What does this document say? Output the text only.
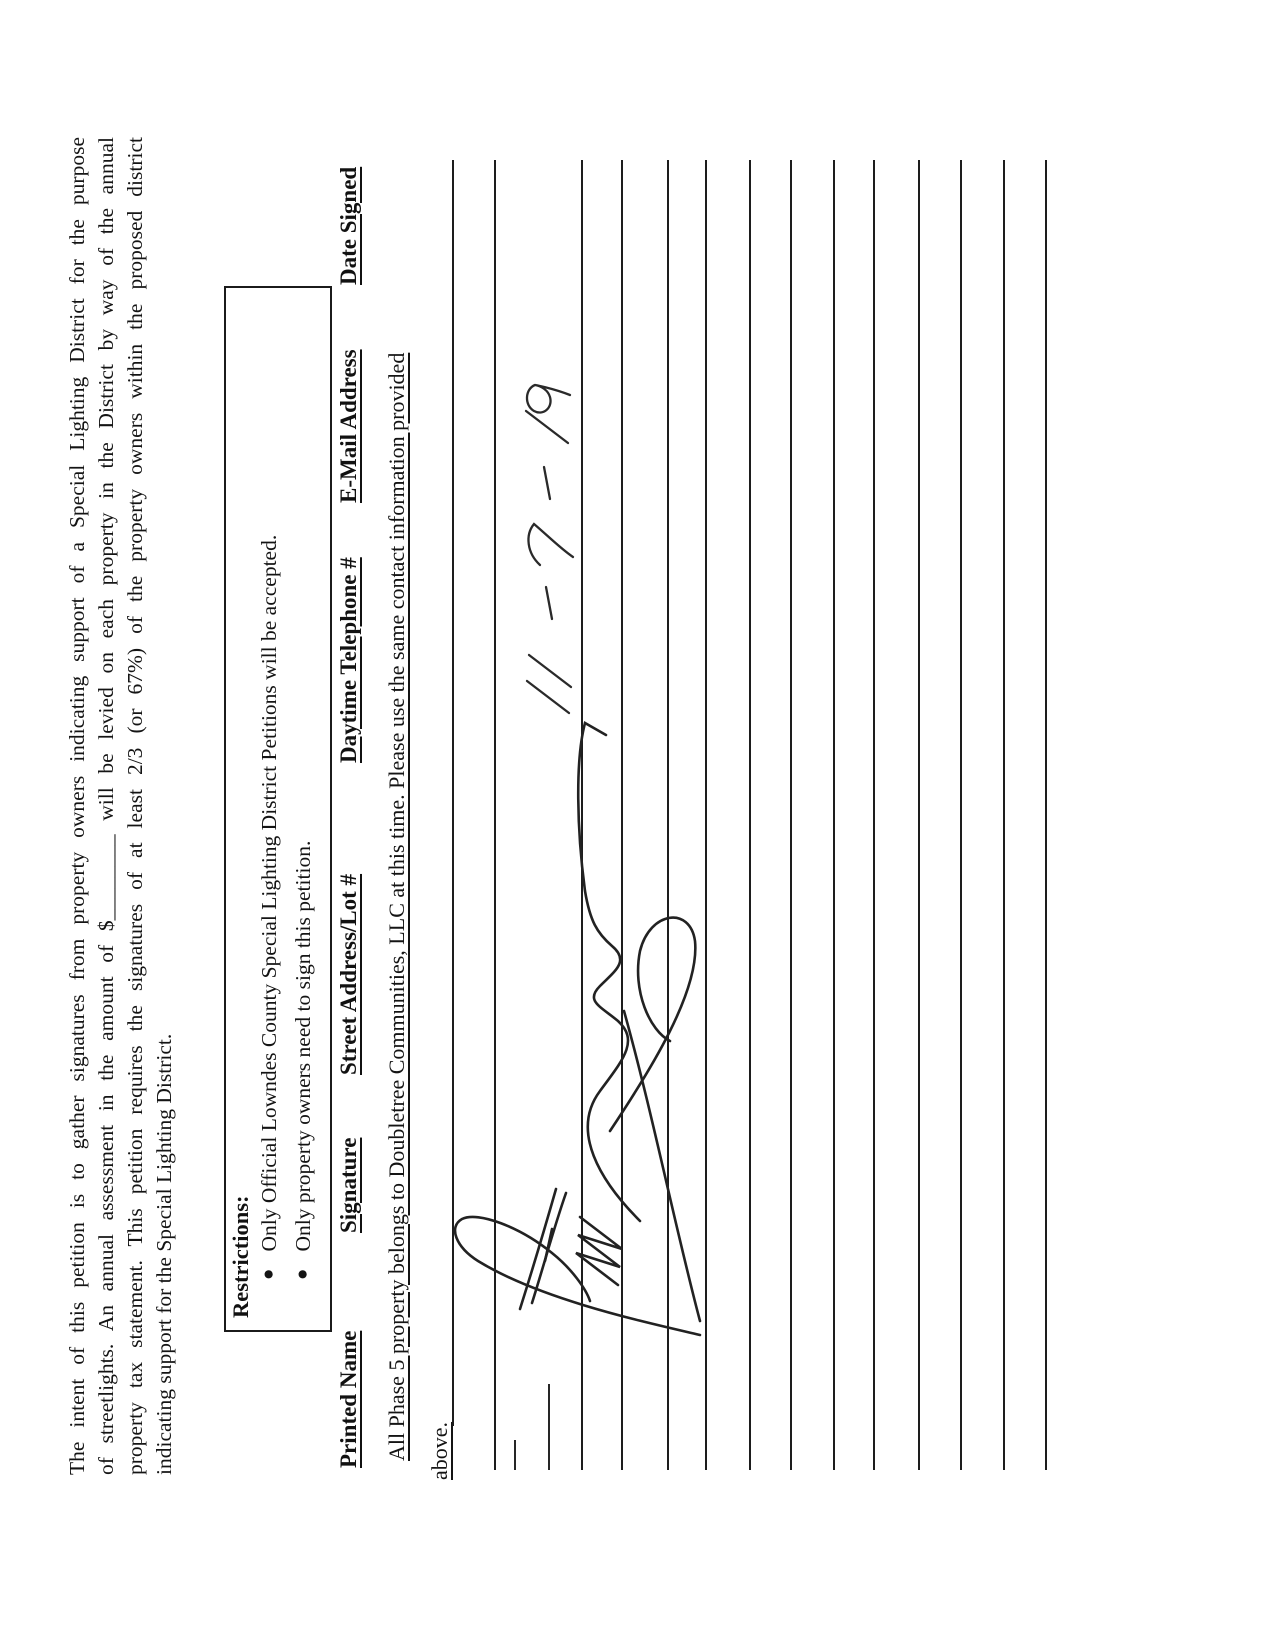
The intent of this petition is to gather signatures from property owners indicating support of a Special Lighting District for the purpose of streetlights. An annual assessment in the amount of $________ will be levied on each property in the District by way of the annual property tax statement. This petition requires the signatures of at least 2/3 (or 67%) of the property owners within the proposed district indicating support for the Special Lighting District. Restrictions: ●
Only Official Lowndes County Special Lighting District Petitions will be accepted.
●
Only property owners need to sign this petition.
Printed Name
Signature
Street Address/Lot #
Daytime Telephone #
E-Mail Address
Date Signed
All Phase 5 property belongs to Doubletree Communities, LLC at this time. Please use the same contact information provided above.
